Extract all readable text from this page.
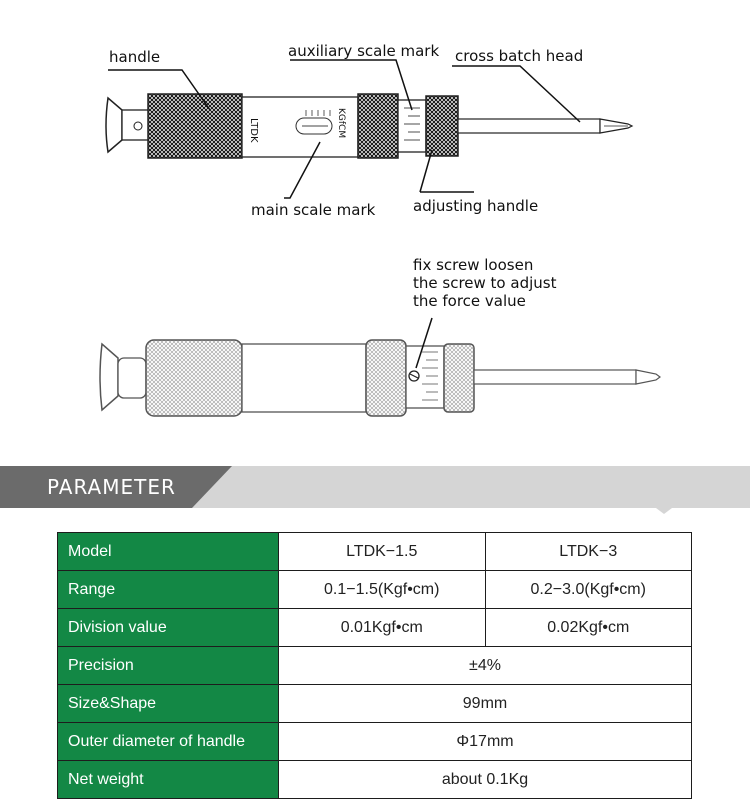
LTDK	KGfCM
handle	auxiliary scale mark cross batch head
main scale mark	adjusting handle
fix screw loosen
the screw to adjust
the force value
PARAMETER
Model	LTDK−1.5	LTDK−3
Range	0.1−1.5(Kgf•cm)	0.2−3.0(Kgf•cm)
Division value	0.01Kgf•cm	0.02Kgf•cm
Precision	±4%	
Size&Shape	99mm	
Outer diameter of handle	Φ17mm	
Net weight	about 0.1Kg	
